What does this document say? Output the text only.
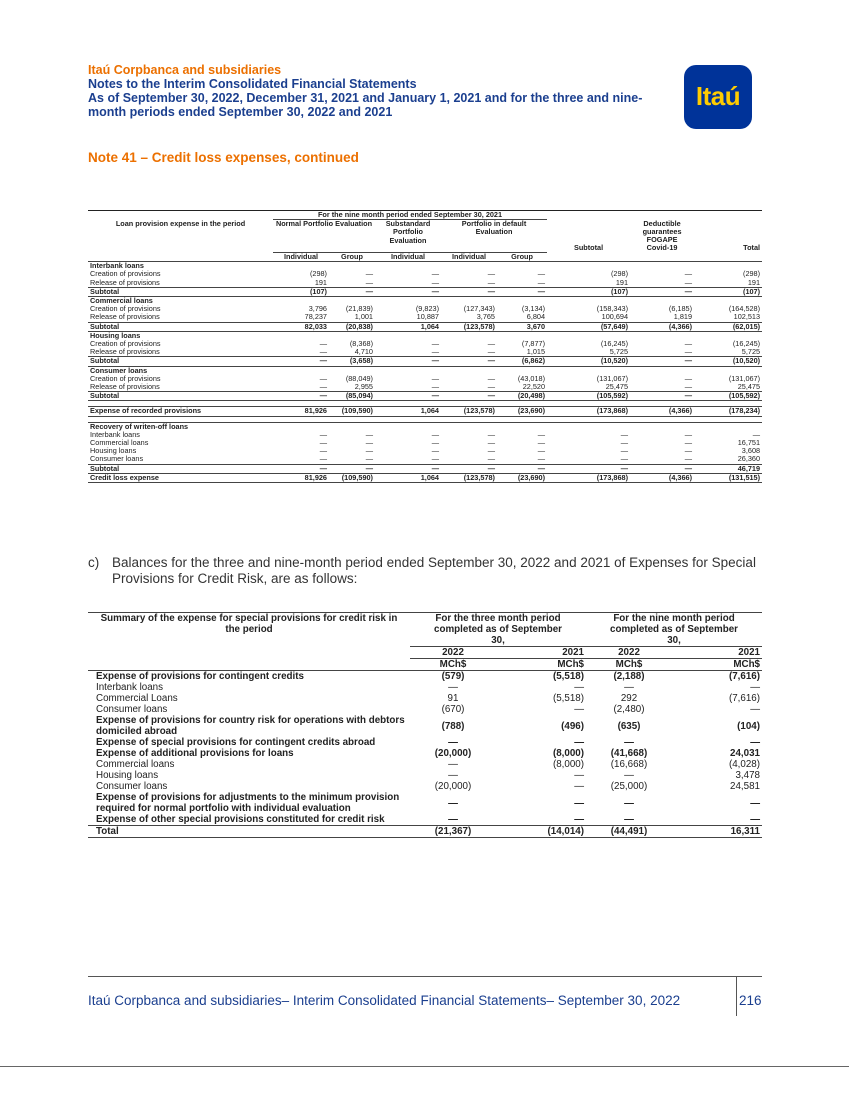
Itaú Corpbanca and subsidiaries
Notes to the Interim Consolidated Financial Statements
As of September 30, 2022, December 31, 2021 and January 1, 2021 and for the three and nine-month periods ended September 30, 2022 and 2021
Itaú
Note 41 – Credit loss expenses, continued
	For the nine month period ended September 30, 2021							
Loan provision expense in the period	Normal Portfolio Evaluation		Substandard Portfolio Evaluation	Portfolio in default Evaluation		Subtotal	Deductible guarantees FOGAPE Covid-19	Total
	Individual	Group	Individual	Individual	Group			
Interbank loans								
Creation of provisions	(298)	—	—	—	—	(298)	—	(298)
Release of provisions	191	—	—	—	—	191	—	191
Subtotal	(107)	—	—	—	—	(107)	—	(107)
Commercial loans								
Creation of provisions	3,796	(21,839)	(9,823)	(127,343)	(3,134)	(158,343)	(6,185)	(164,528)
Release of provisions	78,237	1,001	10,887	3,765	6,804	100,694	1,819	102,513
Subtotal	82,033	(20,838)	1,064	(123,578)	3,670	(57,649)	(4,366)	(62,015)
Housing loans								
Creation of provisions	—	(8,368)	—	—	(7,877)	(16,245)	—	(16,245)
Release of provisions	—	4,710	—	—	1,015	5,725	—	5,725
Subtotal	—	(3,658)	—	—	(6,862)	(10,520)	—	(10,520)
Consumer loans								
Creation of provisions	—	(88,049)	—	—	(43,018)	(131,067)	—	(131,067)
Release of provisions	—	2,955	—	—	22,520	25,475	—	25,475
Subtotal	—	(85,094)	—	—	(20,498)	(105,592)	—	(105,592)

Expense of recorded provisions	81,926	(109,590)	1,064	(123,578)	(23,690)	(173,868)	(4,366)	(178,234)

Recovery of writen-off loans								
Interbank loans	—	—	—	—	—	—	—	—
Commercial loans	—	—	—	—	—	—	—	16,751
Housing loans	—	—	—	—	—	—	—	3,608
Consumer loans	—	—	—	—	—	—	—	26,360
Subtotal	—	—	—	—	—	—	—	46,719
Credit loss expense	81,926	(109,590)	1,064	(123,578)	(23,690)	(173,868)	(4,366)	(131,515)
c) Balances for the three and nine-month period ended September 30, 2022 and 2021 of Expenses for Special Provisions for Credit Risk, are as follows:
Summary of the expense for special provisions for credit risk in the period	For the three month period completed as of September 30,		For the nine month period completed as of September 30,	
	2022	2021	2022	2021
	MCh$	MCh$	MCh$	MCh$
Expense of provisions for contingent credits	(579)	(5,518)	(2,188)	(7,616)
Interbank loans	—	—	—	—
Commercial Loans	91	(5,518)	292	(7,616)
Consumer loans	(670)	—	(2,480)	—
Expense of provisions for country risk for operations with debtors domiciled abroad	(788)	(496)	(635)	(104)
Expense of special provisions for contingent credits abroad	—	—	—	—
Expense of additional provisions for loans	(20,000)	(8,000)	(41,668)	24,031
Commercial loans	—	(8,000)	(16,668)	(4,028)
Housing loans	—	—	—	3,478
Consumer loans	(20,000)	—	(25,000)	24,581
Expense of provisions for adjustments to the minimum provision required for normal portfolio with individual evaluation	—	—	—	—
Expense of other special provisions constituted for credit risk	—	—	—	—
Total	(21,367)	(14,014)	(44,491)	16,311
Itaú Corpbanca and subsidiaries– Interim Consolidated Financial Statements– September 30, 2022	216
